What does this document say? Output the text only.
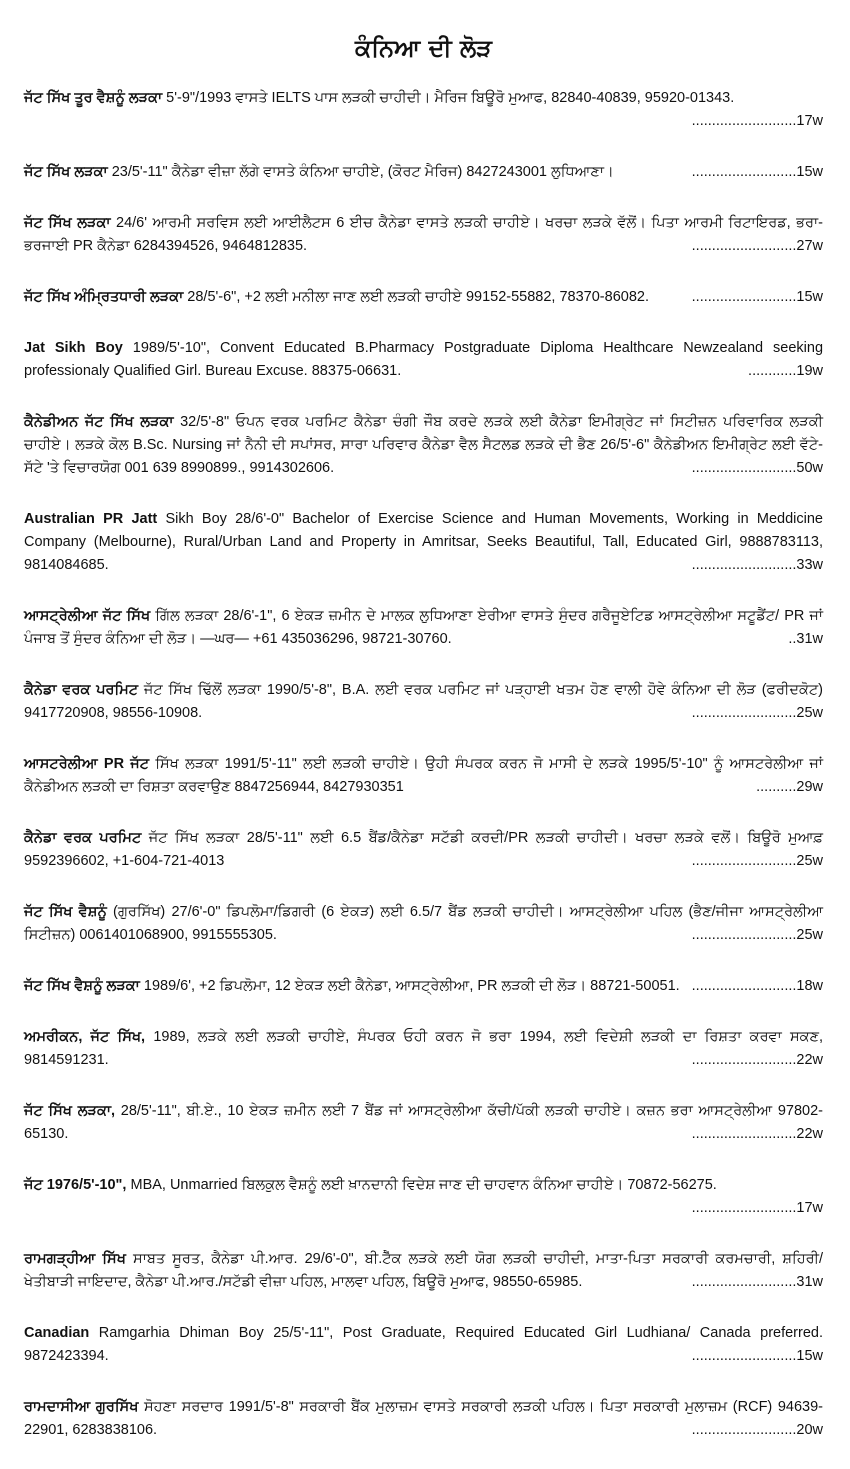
ਕੰਨਿਆ ਦੀ ਲੋੜ

ਜੱਟ ਸਿੱਖ ਤੂਰ ਵੈਸ਼ਨੂੰ ਲੜਕਾ 5'-9"/1993 ਵਾਸਤੇ IELTS ਪਾਸ ਲੜਕੀ ਚਾਹੀਦੀ। ਮੈਰਿਜ ਬਿਊਰੋ ਮੁਆਫ, 82840-40839, 95920-01343.
..........................17w

ਜੱਟ ਸਿੱਖ ਲੜਕਾ 23/5'-11" ਕੈਨੇਡਾ ਵੀਜ਼ਾ ਲੱਗੇ ਵਾਸਤੇ ਕੰਨਿਆ ਚਾਹੀਏ, (ਕੋਰਟ ਮੈਰਿਜ) 8427243001 ਲੁਧਿਆਣਾ।	..........................15w

ਜੱਟ ਸਿੱਖ ਲੜਕਾ 24/6' ਆਰਮੀ ਸਰਵਿਸ ਲਈ ਆਈਲੈਟਸ 6 ਈਚ ਕੈਨੇਡਾ ਵਾਸਤੇ ਲੜਕੀ ਚਾਹੀਏ। ਖਰਚਾ ਲੜਕੇ ਵੱਲੋਂ। ਪਿਤਾ ਆਰਮੀ ਰਿਟਾਇਰਡ, ਭਰਾ-ਭਰਜਾਈ PR ਕੈਨੇਡਾ 6284394526, 9464812835.	..........................27w

ਜੱਟ ਸਿੱਖ ਅੰਮ੍ਰਿਤਧਾਰੀ ਲੜਕਾ 28/5'-6", +2 ਲਈ ਮਨੀਲਾ ਜਾਣ ਲਈ ਲੜਕੀ ਚਾਹੀਏ 99152-55882, 78370-86082.	..........................15w

Jat Sikh Boy 1989/5'-10", Convent Educated B.Pharmacy Postgraduate Diploma Healthcare Newzealand seeking professionaly Qualified Girl. Bureau Excuse. 88375-06631.	............19w

ਕੈਨੇਡੀਅਨ ਜੱਟ ਸਿੱਖ ਲੜਕਾ 32/5'-8" ਓਪਨ ਵਰਕ ਪਰਮਿਟ ਕੈਨੇਡਾ ਚੰਗੀ ਜੌਬ ਕਰਦੇ ਲੜਕੇ ਲਈ ਕੈਨੇਡਾ ਇਮੀਗ੍ਰੇਟ ਜਾਂ ਸਿਟੀਜ਼ਨ ਪਰਿਵਾਰਿਕ ਲੜਕੀ ਚਾਹੀਏ। ਲੜਕੇ ਕੋਲ B.Sc. Nursing ਜਾਂ ਨੈਨੀ ਦੀ ਸਪਾਂਸਰ, ਸਾਰਾ ਪਰਿਵਾਰ ਕੈਨੇਡਾ ਵੈਲ ਸੈਟਲਡ ਲੜਕੇ ਦੀ ਭੈਣ 26/5'-6" ਕੈਨੇਡੀਅਨ ਇਮੀਗ੍ਰੇਟ ਲਈ ਵੱਟੇ-ਸੱਟੇ 'ਤੇ ਵਿਚਾਰਯੋਗ 001 639 8990899., 9914302606.	..........................50w

Australian PR Jatt Sikh Boy 28/6'-0" Bachelor of Exercise Science and Human Movements, Working in Meddicine Company (Melbourne), Rural/Urban Land and Property in Amritsar, Seeks Beautiful, Tall, Educated Girl, 9888783113, 9814084685.	..........................33w

ਆਸਟ੍ਰੇਲੀਆ ਜੱਟ ਸਿੱਖ ਗਿੱਲ ਲੜਕਾ 28/6'-1", 6 ਏਕੜ ਜ਼ਮੀਨ ਦੇ ਮਾਲਕ ਲੁਧਿਆਣਾ ਏਰੀਆ ਵਾਸਤੇ ਸੁੰਦਰ ਗਰੈਜੂਏਟਿਡ ਆਸਟ੍ਰੇਲੀਆ ਸਟੂਡੈਂਟ/ PR ਜਾਂ ਪੰਜਾਬ ਤੋਂ ਸੁੰਦਰ ਕੰਨਿਆ ਦੀ ਲੋੜ। —ਘਰ— +61 435036296, 98721-30760.	..31w

ਕੈਨੇਡਾ ਵਰਕ ਪਰਮਿਟ ਜੱਟ ਸਿੱਖ ਢਿੱਲੋਂ ਲੜਕਾ 1990/5'-8", B.A. ਲਈ ਵਰਕ ਪਰਮਿਟ ਜਾਂ ਪੜ੍ਹਾਈ ਖਤਮ ਹੋਣ ਵਾਲੀ ਹੋਵੇ ਕੰਨਿਆ ਦੀ ਲੋੜ (ਫਰੀਦਕੋਟ) 9417720908, 98556-10908.	..........................25w

ਆਸਟਰੇਲੀਆ PR ਜੱਟ ਸਿੱਖ ਲੜਕਾ 1991/5'-11" ਲਈ ਲੜਕੀ ਚਾਹੀਏ। ਉਹੀ ਸੰਪਰਕ ਕਰਨ ਜੋ ਮਾਸੀ ਦੇ ਲੜਕੇ 1995/5'-10" ਨੂੰ ਆਸਟਰੇਲੀਆ ਜਾਂ ਕੈਨੇਡੀਅਨ ਲੜਕੀ ਦਾ ਰਿਸ਼ਤਾ ਕਰਵਾਉਣ 8847256944, 8427930351	..........29w

ਕੈਨੇਡਾ ਵਰਕ ਪਰਮਿਟ ਜੱਟ ਸਿੱਖ ਲੜਕਾ 28/5'-11" ਲਈ 6.5 ਬੈਂਡ/ਕੈਨੇਡਾ ਸਟੱਡੀ ਕਰਦੀ/PR ਲੜਕੀ ਚਾਹੀਦੀ। ਖਰਚਾ ਲੜਕੇ ਵਲੋਂ। ਬਿਊਰੋ ਮੁਆਫ਼ 9592396602, +1-604-721-4013	..........................25w

ਜੱਟ ਸਿੱਖ ਵੈਸ਼ਨੂੰ (ਗੁਰਸਿੱਖ) 27/6'-0" ਡਿਪਲੋਮਾ/ਡਿਗਰੀ (6 ਏਕੜ) ਲਈ 6.5/7 ਬੈਂਡ ਲੜਕੀ ਚਾਹੀਦੀ। ਆਸਟ੍ਰੇਲੀਆ ਪਹਿਲ (ਭੈਣ/ਜੀਜਾ ਆਸਟ੍ਰੇਲੀਆ ਸਿਟੀਜ਼ਨ) 0061401068900, 9915555305.	..........................25w

ਜੱਟ ਸਿੱਖ ਵੈਸ਼ਨੂੰ ਲੜਕਾ 1989/6', +2 ਡਿਪਲੋਮਾ, 12 ਏਕੜ ਲਈ ਕੈਨੇਡਾ, ਆਸਟ੍ਰੇਲੀਆ, PR ਲੜਕੀ ਦੀ ਲੋੜ। 88721-50051. ..........................18w

ਅਮਰੀਕਨ, ਜੱਟ ਸਿੱਖ, 1989, ਲੜਕੇ ਲਈ ਲੜਕੀ ਚਾਹੀਏ, ਸੰਪਰਕ ਓਹੀ ਕਰਨ ਜੋ ਭਰਾ 1994, ਲਈ ਵਿਦੇਸ਼ੀ ਲੜਕੀ ਦਾ ਰਿਸ਼ਤਾ ਕਰਵਾ ਸਕਣ, 9814591231.	..........................22w

ਜੱਟ ਸਿੱਖ ਲੜਕਾ, 28/5'-11", ਬੀ.ਏ., 10 ਏਕੜ ਜ਼ਮੀਨ ਲਈ 7 ਬੈਂਡ ਜਾਂ ਆਸਟ੍ਰੇਲੀਆ ਕੱਚੀ/ਪੱਕੀ ਲੜਕੀ ਚਾਹੀਏ। ਕਜ਼ਨ ਭਰਾ ਆਸਟ੍ਰੇਲੀਆ 97802-65130.	..........................22w

ਜੱਟ 1976/5'-10", MBA, Unmarried ਬਿਲਕੁਲ ਵੈਸ਼ਨੂੰ ਲਈ ਖ਼ਾਨਦਾਨੀ ਵਿਦੇਸ਼ ਜਾਣ ਦੀ ਚਾਹਵਾਨ ਕੰਨਿਆ ਚਾਹੀਏ। 70872-56275.
..........................17w

ਰਾਮਗੜ੍ਹੀਆ ਸਿੱਖ ਸਾਬਤ ਸੂਰਤ, ਕੈਨੇਡਾ ਪੀ.ਆਰ. 29/6'-0", ਬੀ.ਟੈੱਕ ਲੜਕੇ ਲਈ ਯੋਗ ਲੜਕੀ ਚਾਹੀਦੀ, ਮਾਤਾ-ਪਿਤਾ ਸਰਕਾਰੀ ਕਰਮਚਾਰੀ, ਸ਼ਹਿਰੀ/ਖੇਤੀਬਾੜੀ ਜਾਇਦਾਦ, ਕੈਨੇਡਾ ਪੀ.ਆਰ./ਸਟੱਡੀ ਵੀਜ਼ਾ ਪਹਿਲ, ਮਾਲਵਾ ਪਹਿਲ, ਬਿਊਰੋ ਮੁਆਫ, 98550-65985.	..........................31w

Canadian Ramgarhia Dhiman Boy 25/5'-11", Post Graduate, Required Educated Girl Ludhiana/ Canada preferred. 9872423394.	..........................15w

ਰਾਮਦਾਸੀਆ ਗੁਰਸਿੱਖ ਸੋਹਣਾ ਸਰਦਾਰ 1991/5'-8" ਸਰਕਾਰੀ ਬੈਂਕ ਮੁਲਾਜ਼ਮ ਵਾਸਤੇ ਸਰਕਾਰੀ ਲੜਕੀ ਪਹਿਲ। ਪਿਤਾ ਸਰਕਾਰੀ ਮੁਲਾਜ਼ਮ (RCF) 94639-22901, 6283838106.	..........................20w
